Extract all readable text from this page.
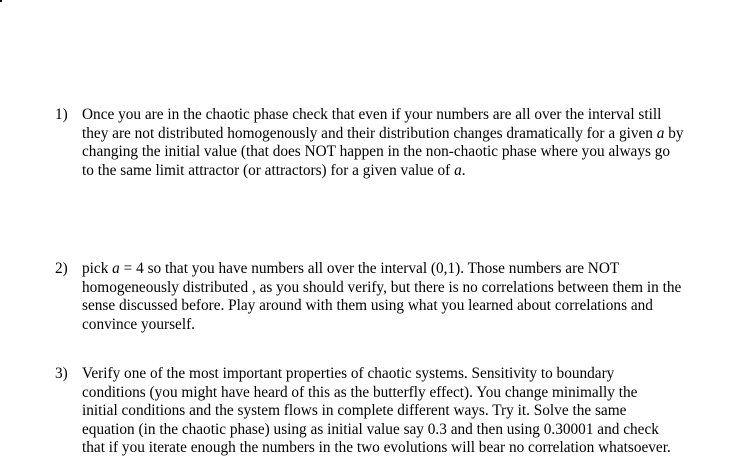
1) Once you are in the chaotic phase check that even if your numbers are all over the interval still
they are not distributed homogenously and their distribution changes dramatically for a given a by
changing the initial value (that does NOT happen in the non-chaotic phase where you always go
to the same limit attractor (or attractors) for a given value of a.
2) pick a = 4 so that you have numbers all over the interval (0,1). Those numbers are NOT
homogeneously distributed , as you should verify, but there is no correlations between them in the
sense discussed before. Play around with them using what you learned about correlations and
convince yourself.
3) Verify one of the most important properties of chaotic systems. Sensitivity to boundary
conditions (you might have heard of this as the butterfly effect). You change minimally the
initial conditions and the system flows in complete different ways. Try it. Solve the same
equation (in the chaotic phase) using as initial value say 0.3 and then using 0.30001 and check
that if you iterate enough the numbers in the two evolutions will bear no correlation whatsoever.
